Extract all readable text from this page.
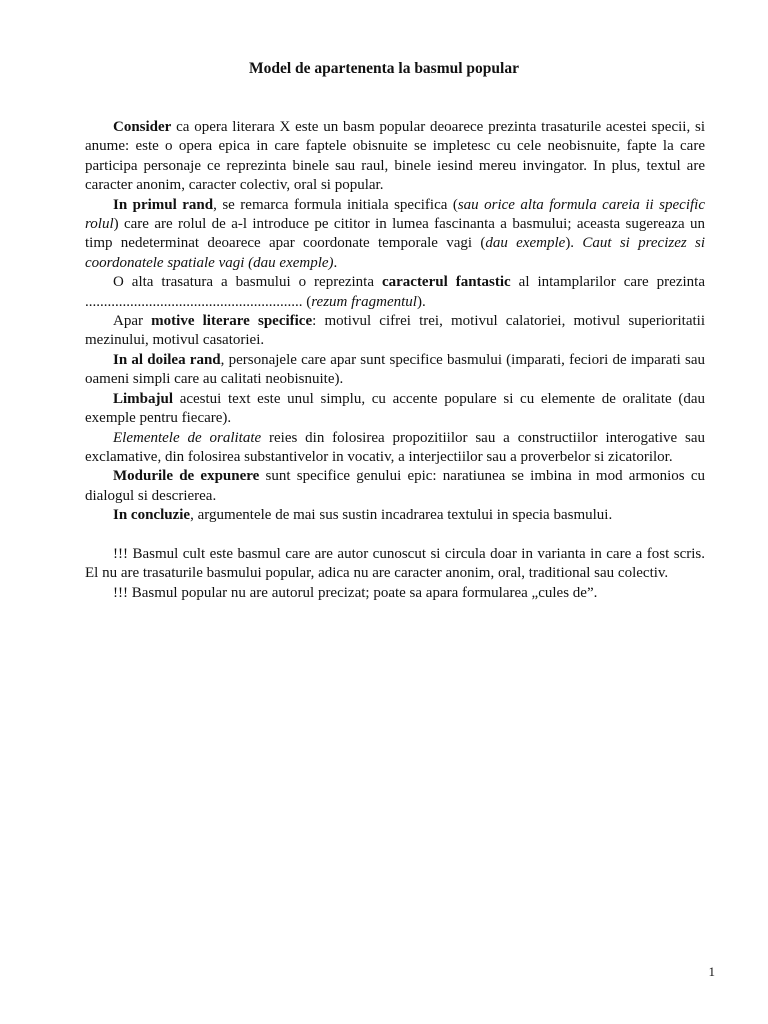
Model de apartenenta la basmul popular

Consider ca opera literara X este un basm popular deoarece prezinta trasaturile acestei specii, si anume: este o opera epica in care faptele obisnuite se impletesc cu cele neobisnuite, fapte la care participa personaje ce reprezinta binele sau raul, binele iesind mereu invingator. In plus, textul are caracter anonim, caracter colectiv, oral si popular.

In primul rand, se remarca formula initiala specifica (sau orice alta formula careia ii specific rolul) care are rolul de a-l introduce pe cititor in lumea fascinanta a basmului; aceasta sugereaza un timp nedeterminat deoarece apar coordonate temporale vagi (dau exemple). Caut si precizez si coordonatele spatiale vagi (dau exemple).

O alta trasatura a basmului o reprezinta caracterul fantastic al intamplarilor care prezinta .......................................................... (rezum fragmentul).

Apar motive literare specifice: motivul cifrei trei, motivul calatoriei, motivul superioritatii mezinului, motivul casatoriei.

In al doilea rand, personajele care apar sunt specifice basmului (imparati, feciori de imparati sau oameni simpli care au calitati neobisnuite).

Limbajul acestui text este unul simplu, cu accente populare si cu elemente de oralitate (dau exemple pentru fiecare).

Elementele de oralitate reies din folosirea propozitiilor sau a constructiilor interogative sau exclamative, din folosirea substantivelor in vocativ, a interjectiilor sau a proverbelor si zicatorilor.

Modurile de expunere sunt specifice genului epic: naratiunea se imbina in mod armonios cu dialogul si descrierea.

In concluzie, argumentele de mai sus sustin incadrarea textului in specia basmului.

!!! Basmul cult este basmul care are autor cunoscut si circula doar in varianta in care a fost scris. El nu are trasaturile basmului popular, adica nu are caracter anonim, oral, traditional sau colectiv.

!!! Basmul popular nu are autorul precizat; poate sa apara formularea „cules de”.

1
